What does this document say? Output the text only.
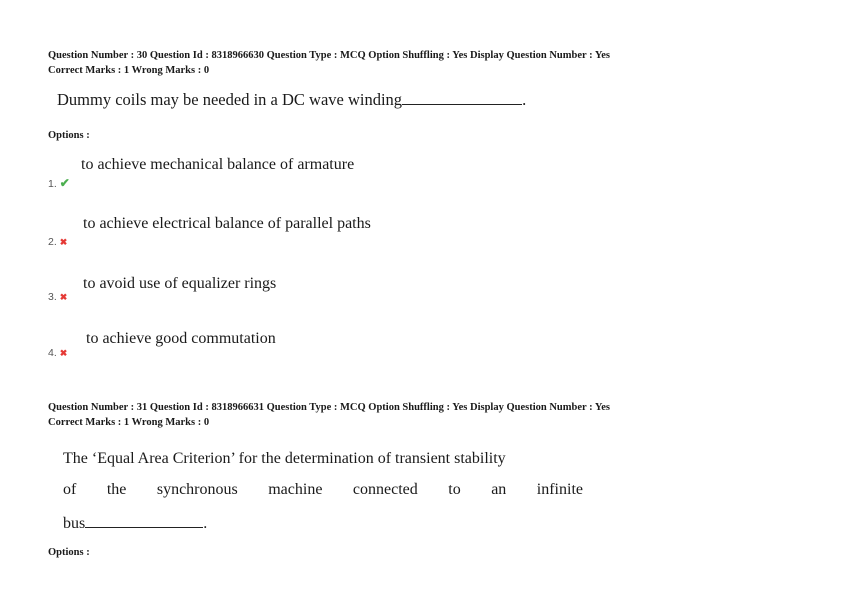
Question Number : 30 Question Id : 8318966630 Question Type : MCQ Option Shuffling : Yes Display Question Number : Yes
Correct Marks : 1 Wrong Marks : 0
Dummy coils may be needed in a DC wave winding	.
Options :
to achieve mechanical balance of armature
1. ✔
to achieve electrical balance of parallel paths
2. ✖
to avoid use of equalizer rings
3. ✖
to achieve good commutation
4. ✖
Question Number : 31 Question Id : 8318966631 Question Type : MCQ Option Shuffling : Yes Display Question Number : Yes
Correct Marks : 1 Wrong Marks : 0
The ‘Equal Area Criterion’ for the determination of transient stability
of the synchronous machine connected to an infinite
bus	.
Options :
